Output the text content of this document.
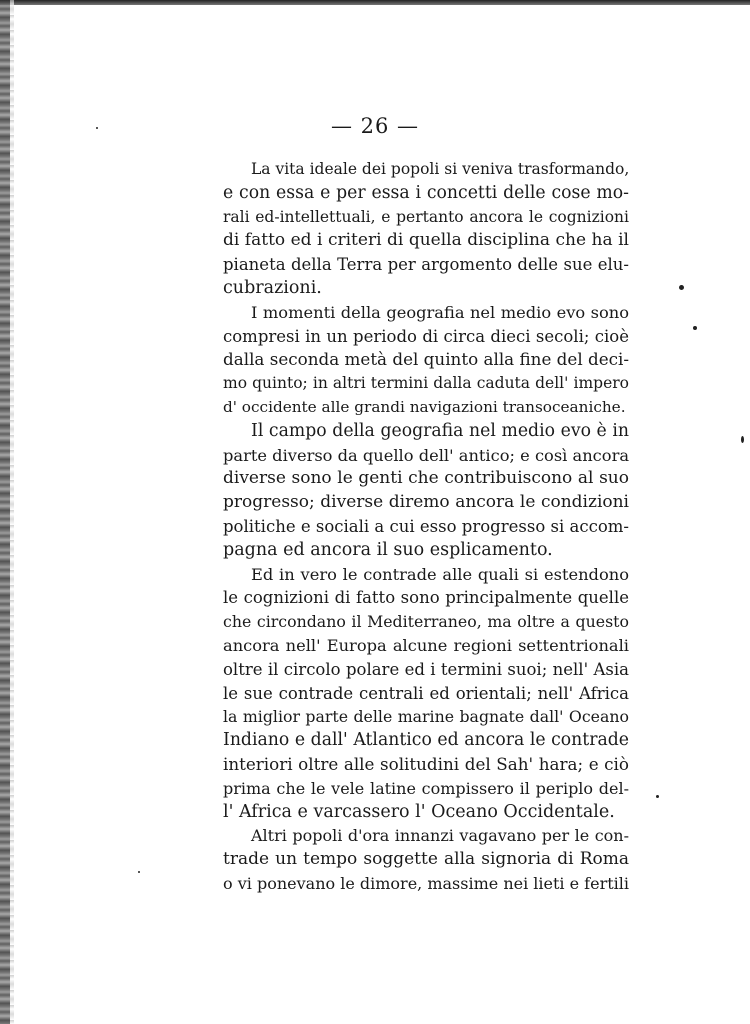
— 26 —
La vita ideale dei popoli si veniva trasformando,
e con essa e per essa i concetti delle cose mo-
rali ed-intellettuali, e pertanto ancora le cognizioni
di fatto ed i criteri di quella disciplina che ha il
pianeta della Terra per argomento delle sue elu-
cubrazioni.
I momenti della geografia nel medio evo sono
compresi in un periodo di circa dieci secoli; cioè
dalla seconda metà del quinto alla fine del deci-
mo quinto; in altri termini dalla caduta dell' impero
d' occidente alle grandi navigazioni transoceaniche.
Il campo della geografia nel medio evo è in
parte diverso da quello dell' antico; e così ancora
diverse sono le genti che contribuiscono al suo
progresso; diverse diremo ancora le condizioni
politiche e sociali a cui esso progresso si accom-
pagna ed ancora il suo esplicamento.
Ed in vero le contrade alle quali si estendono
le cognizioni di fatto sono principalmente quelle
che circondano il Mediterraneo, ma oltre a questo
ancora nell' Europa alcune regioni settentrionali
oltre il circolo polare ed i termini suoi; nell' Asia
le sue contrade centrali ed orientali; nell' Africa
la miglior parte delle marine bagnate dall' Oceano
Indiano e dall' Atlantico ed ancora le contrade
interiori oltre alle solitudini del Sah' hara; e ciò
prima che le vele latine compissero il periplo del-
l' Africa e varcassero l' Oceano Occidentale.
Altri popoli d'ora innanzi vagavano per le con-
trade un tempo soggette alla signoria di Roma
o vi ponevano le dimore, massime nei lieti e fertili
